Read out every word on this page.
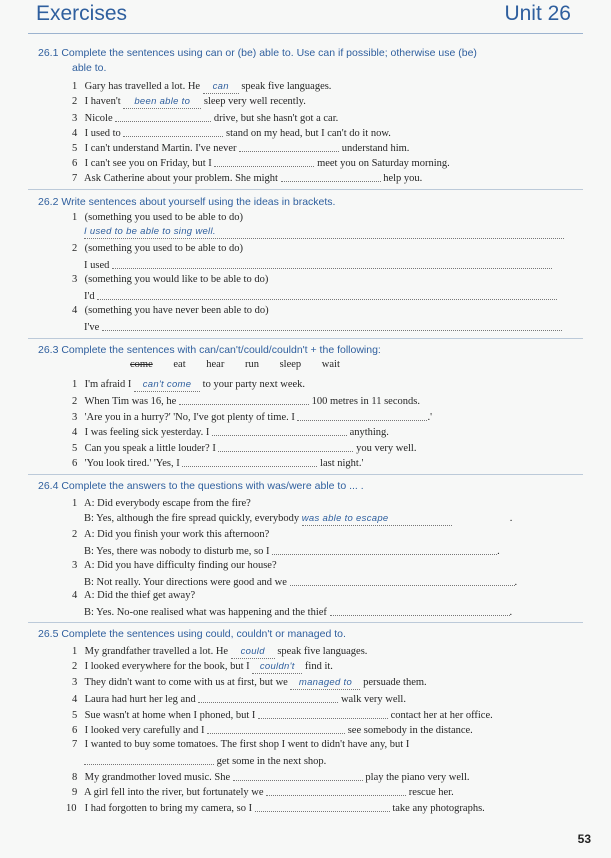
Exercises	Unit 26
26.1 Complete the sentences using can or (be) able to. Use can if possible; otherwise use (be)
able to.
1 Gary has travelled a lot. He can speak five languages.
2 I haven't been able to sleep very well recently.
3 Nicole	drive, but she hasn't got a car.
4 I used to	stand on my head, but I can't do it now.
5 I can't understand Martin. I've never	understand him.
6 I can't see you on Friday, but I	meet you on Saturday morning.
7 Ask Catherine about your problem. She might	help you.
26.2 Write sentences about yourself using the ideas in brackets.
1 (something you used to be able to do)
I used to be able to sing well.
2 (something you used to be able to do)
I used
3 (something you would like to be able to do)
I'd
4 (something you have never been able to do)
I've
26.3 Complete the sentences with can/can't/could/couldn't + the following:
come eat hear run sleep wait
1 I'm afraid I can't come to your party next week.
2 When Tim was 16, he	100 metres in 11 seconds.
3 'Are you in a hurry?' 'No, I've got plenty of time. I	.'
4 I was feeling sick yesterday. I	anything.
5 Can you speak a little louder? I	you very well.
6 'You look tired.' 'Yes, I	last night.'
26.4 Complete the answers to the questions with was/were able to ... .
1 A: Did everybody escape from the fire?
B: Yes, although the fire spread quickly, everybody was able to escape	.
2 A: Did you finish your work this afternoon?
B: Yes, there was nobody to disturb me, so I	.
3 A: Did you have difficulty finding our house?
B: Not really. Your directions were good and we	.
4 A: Did the thief get away?
B: Yes. No-one realised what was happening and the thief	.
26.5 Complete the sentences using could, couldn't or managed to.
1 My grandfather travelled a lot. He could speak five languages.
2 I looked everywhere for the book, but I couldn't find it.
3 They didn't want to come with us at first, but we managed to persuade them.
4 Laura had hurt her leg and	walk very well.
5 Sue wasn't at home when I phoned, but I	contact her at her office.
6 I looked very carefully and I	see somebody in the distance.
7 I wanted to buy some tomatoes. The first shop I went to didn't have any, but I
get some in the next shop.
8 My grandmother loved music. She	play the piano very well.
9 A girl fell into the river, but fortunately we	rescue her.
10 I had forgotten to bring my camera, so I	take any photographs.
53
